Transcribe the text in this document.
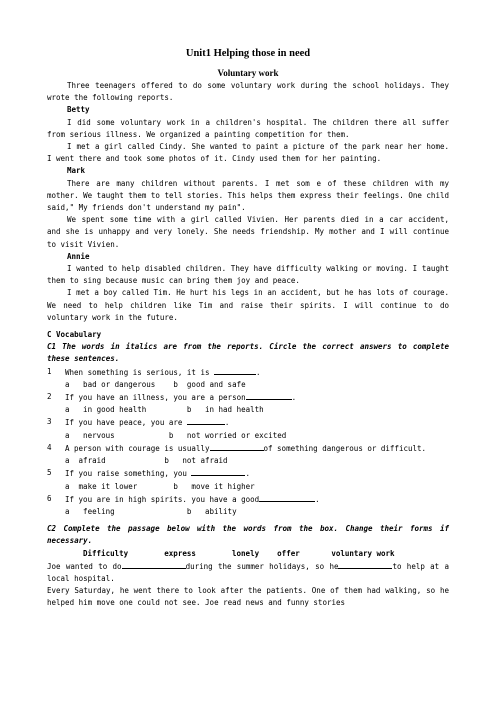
Unit1 Helping those in need
Voluntary work

Three teenagers offered to do some voluntary work during the school holidays. They wrote the following reports.

Betty

I did some voluntary work in a children's hospital. The children there all suffer from serious illness. We organized a painting competition for them.

I met a girl called Cindy. She wanted to paint a picture of the park near her home. I went there and took some photos of it. Cindy used them for her painting.

Mark

There are many children without parents. I met som e of these children with my mother. We taught them to tell stories. This helps them express their feelings. One child said," My friends don't understand my pain".

We spent some time with a girl called Vivien. Her parents died in a car accident, and she is unhappy and very lonely. She needs friendship. My mother and I will continue to visit Vivien.

Annie

I wanted to help disabled children. They have difficulty walking or moving. I taught them to sing because music can bring them joy and peace.

I met a boy called Tim. He hurt his legs in an accident, but he has lots of courage. We need to help children like Tim and raise their spirits. I will continue to do voluntary work in the future.

C Vocabulary

C1 The words in italics are from the reports. Circle the correct answers to complete these sentences.

1	When something is serious, it is	.

a   bad or dangerous    b  good and safe

2	If you have an illness, you are a person	.

a   in good health         b   in had health

3	If you have peace, you are	.

a   nervous            b   not worried or excited

4	A person with courage is usually	of something dangerous or difficult.

a  afraid             b   not afraid

5	If you raise something, you	.

a  make it lower        b   move it higher

6	If you are in high spirits. you have a good	.

a   feeling                b   ability

C2 Complete the passage below with the words from the box. Change their forms if necessary.

Difficulty        express        lonely    offer       voluntary work

Joe wanted to do	during the summer holidays, so he	to help at a local hospital.

Every Saturday, he went there to look after the patients. One of them had walking, so he helped him move one could not see. Joe read news and funny stories
